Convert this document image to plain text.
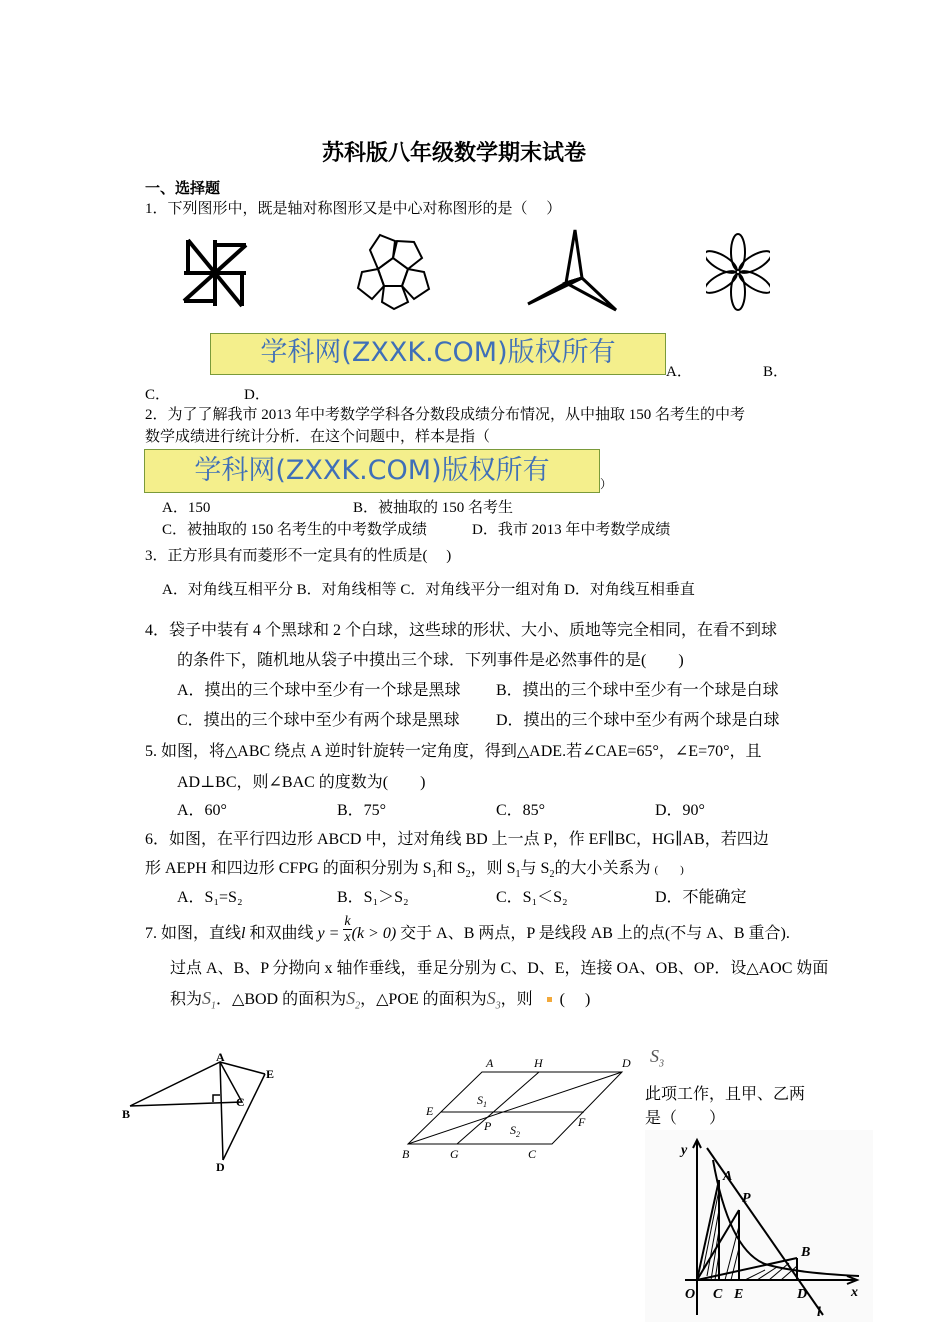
苏科版八年级数学期末试卷
一、选择题
1．下列图形中，既是轴对称图形又是中心对称图形的是（　 ）
学科网(ZXXK.COM)版权所有
A．	B．
C．	D．
2．为了了解我市 2013 年中考数学学科各分数段成绩分布情况，从中抽取 150 名考生的中考
数学成绩进行统计分析．在这个问题中，样本是指（
学科网(ZXXK.COM)版权所有	）
A．150	B．被抽取的 150 名考生
C．被抽取的 150 名考生的中考数学成绩	D．我市 2013 年中考数学成绩
3．正方形具有而菱形不一定具有的性质是(　 )
A．对角线互相平分 B．对角线相等 C．对角线平分一组对角 D．对角线互相垂直
4．袋子中装有 4 个黑球和 2 个白球，这些球的形状、大小、质地等完全相同，在看不到球
的条件下，随机地从袋子中摸出三个球．下列事件是必然事件的是(　　)
A．摸出的三个球中至少有一个球是黑球 B．摸出的三个球中至少有一个球是白球
C．摸出的三个球中至少有两个球是黑球 D．摸出的三个球中至少有两个球是白球
5. 如图，将△ABC 绕点 A 逆时针旋转一定角度，得到△ADE.若∠CAE=65°，∠E=70°，且
AD⊥BC，则∠BAC 的度数为(　　)
A．60°	B．75°	C．85°	D．90°
6．如图，在平行四边形 ABCD 中，过对角线 BD 上一点 P，作 EF∥BC，HG∥AB，若四边
形 AEPH 和四边形 CFPG 的面积分别为 $S_1$和 $S_2$，则 $S_1$与 $S_2$的大小关系为 (　　)
A．S₁=S₂	B．S₁＞S₂	C．S₁＜S₂	D．不能确定
7. 如图，直线l 和双曲线 $y = \frac{k}{x} (k > 0)$ 交于 A、B 两点，P 是线段 AB 上的点(不与 A、B 重合).
过点 A、B、P 分拗向 x 轴作垂线，垂足分别为 C、D、E，连接 OA、OB、OP．设△AOC 妫面
积为$S_1$．△BOD 的面积为$S_2$，△POE 的面积为$S_3$，则 (　 )
A
B
C
D
E
A	H	D
E
F
P
B	G	C
$S_1$
$S_2$
$S_3$
此项工作，且甲、乙两
是（　　）
y
A
P
B
O C E	D	x
l
